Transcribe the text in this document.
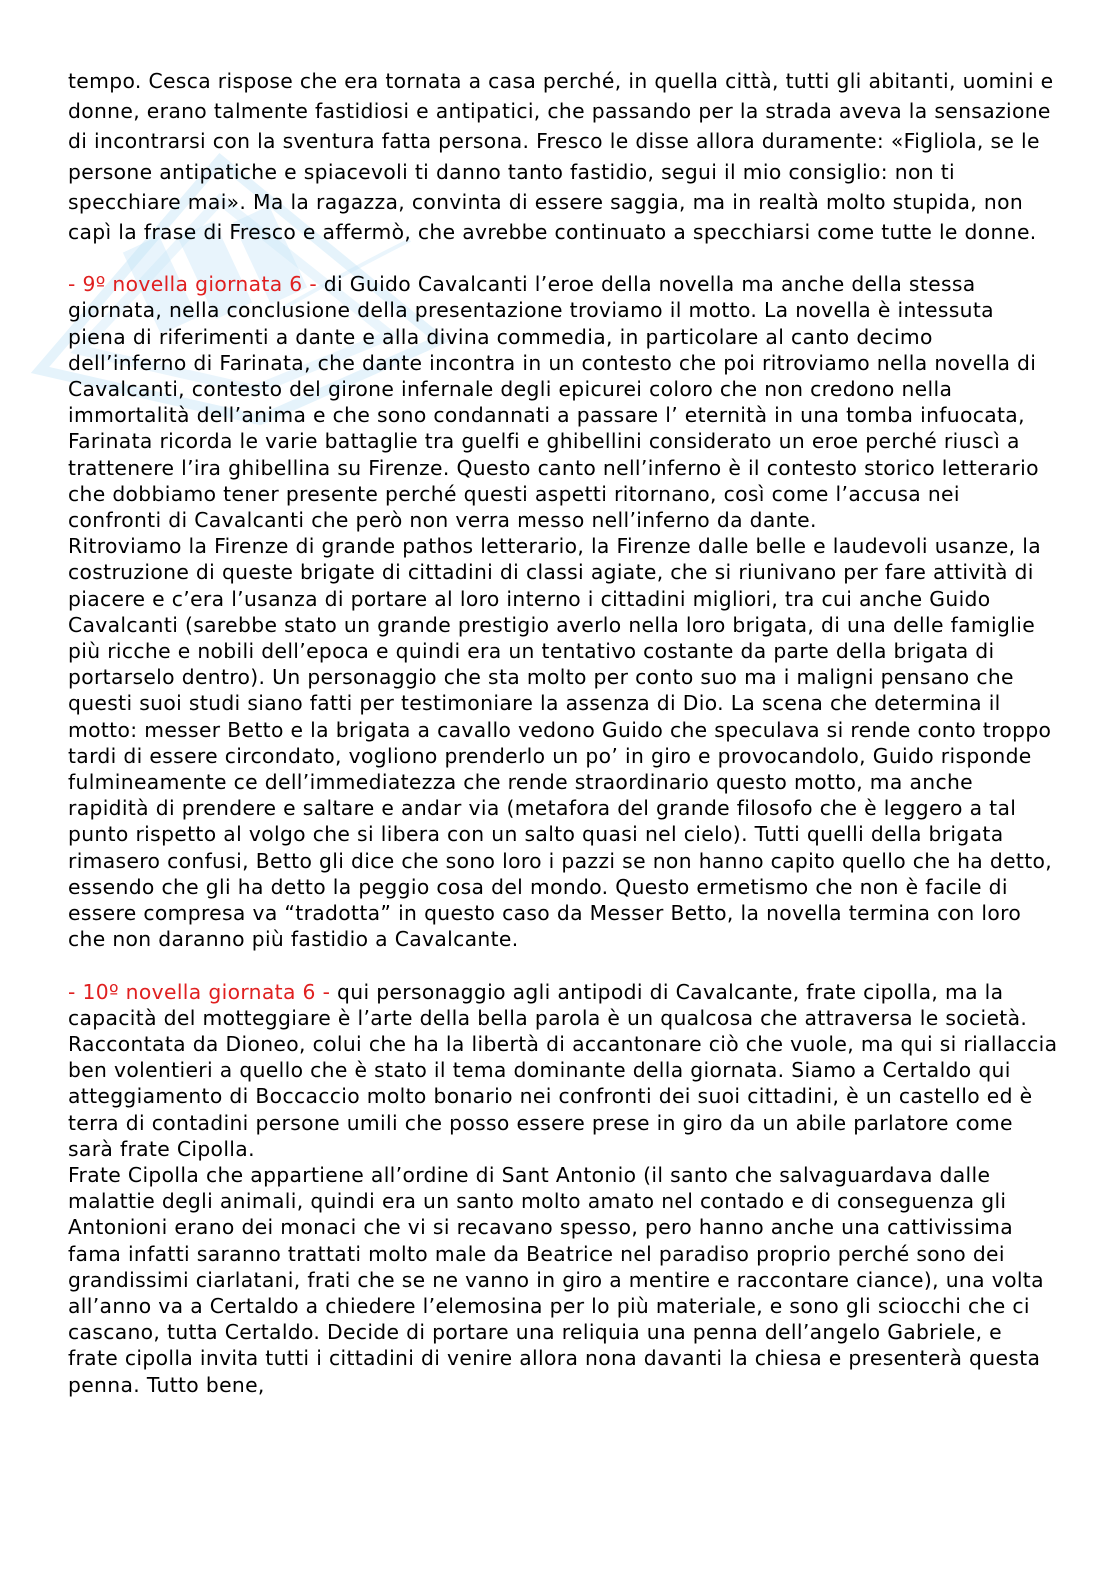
tempo. Cesca rispose che era tornata a casa perché, in quella città, tutti gli abitanti, uomini e donne, erano talmente fastidiosi e antipatici, che passando per la strada aveva la sensazione di incontrarsi con la sventura fatta persona. Fresco le disse allora duramente: «Figliola, se le persone antipatiche e spiacevoli ti danno tanto fastidio, segui il mio consiglio: non ti specchiare mai». Ma la ragazza, convinta di essere saggia, ma in realtà molto stupida, non capì la frase di Fresco e affermò, che avrebbe continuato a specchiarsi come tutte le donne.

- 9º novella giornata 6 - di Guido Cavalcanti l’eroe della novella ma anche della stessa giornata, nella conclusione della presentazione troviamo il motto. La novella è intessuta piena di riferimenti a dante e alla divina commedia, in particolare al canto decimo dell’inferno di Farinata, che dante incontra in un contesto che poi ritroviamo nella novella di Cavalcanti, contesto del girone infernale degli epicurei coloro che non credono nella immortalità dell’anima e che sono condannati a passare l’ eternità in una tomba infuocata, Farinata ricorda le varie battaglie tra guelfi e ghibellini considerato un eroe perché riuscì a trattenere l’ira ghibellina su Firenze. Questo canto nell’inferno è il contesto storico letterario che dobbiamo tener presente perché questi aspetti ritornano, così come l’accusa nei confronti di Cavalcanti che però non verra messo nell’inferno da dante.

Ritroviamo la Firenze di grande pathos letterario, la Firenze dalle belle e laudevoli usanze, la costruzione di queste brigate di cittadini di classi agiate, che si riunivano per fare attività di piacere e c’era l’usanza di portare al loro interno i cittadini migliori, tra cui anche Guido Cavalcanti (sarebbe stato un grande prestigio averlo nella loro brigata, di una delle famiglie più ricche e nobili dell’epoca e quindi era un tentativo costante da parte della brigata di portarselo dentro). Un personaggio che sta molto per conto suo ma i maligni pensano che questi suoi studi siano fatti per testimoniare la assenza di Dio. La scena che determina il motto: messer Betto e la brigata a cavallo vedono Guido che speculava si rende conto troppo tardi di essere circondato, vogliono prenderlo un po’ in giro e provocandolo, Guido risponde fulmineamente ce dell’immediatezza che rende straordinario questo motto, ma anche rapidità di prendere e saltare e andar via (metafora del grande filosofo che è leggero a tal punto rispetto al volgo che si libera con un salto quasi nel cielo). Tutti quelli della brigata rimasero confusi, Betto gli dice che sono loro i pazzi se non hanno capito quello che ha detto, essendo che gli ha detto la peggio cosa del mondo. Questo ermetismo che non è facile di essere compresa va “tradotta” in questo caso da Messer Betto, la novella termina con loro che non daranno più fastidio a Cavalcante.

- 10º novella giornata 6 - qui personaggio agli antipodi di Cavalcante, frate cipolla, ma la capacità del motteggiare è l’arte della bella parola è un qualcosa che attraversa le società. Raccontata da Dioneo, colui che ha la libertà di accantonare ciò che vuole, ma qui si riallaccia ben volentieri a quello che è stato il tema dominante della giornata. Siamo a Certaldo qui atteggiamento di Boccaccio molto bonario nei confronti dei suoi cittadini, è un castello ed è terra di contadini persone umili che posso essere prese in giro da un abile parlatore come sarà frate Cipolla.

Frate Cipolla che appartiene all’ordine di Sant Antonio (il santo che salvaguardava dalle malattie degli animali, quindi era un santo molto amato nel contado e di conseguenza gli Antonioni erano dei monaci che vi si recavano spesso, pero hanno anche una cattivissima fama infatti saranno trattati molto male da Beatrice nel paradiso proprio perché sono dei grandissimi ciarlatani, frati che se ne vanno in giro a mentire e raccontare ciance), una volta all’anno va a Certaldo a chiedere l’elemosina per lo più materiale, e sono gli sciocchi che ci cascano, tutta Certaldo. Decide di portare una reliquia una penna dell’angelo Gabriele, e frate cipolla invita tutti i cittadini di venire allora nona davanti la chiesa e presenterà questa penna. Tutto bene,
